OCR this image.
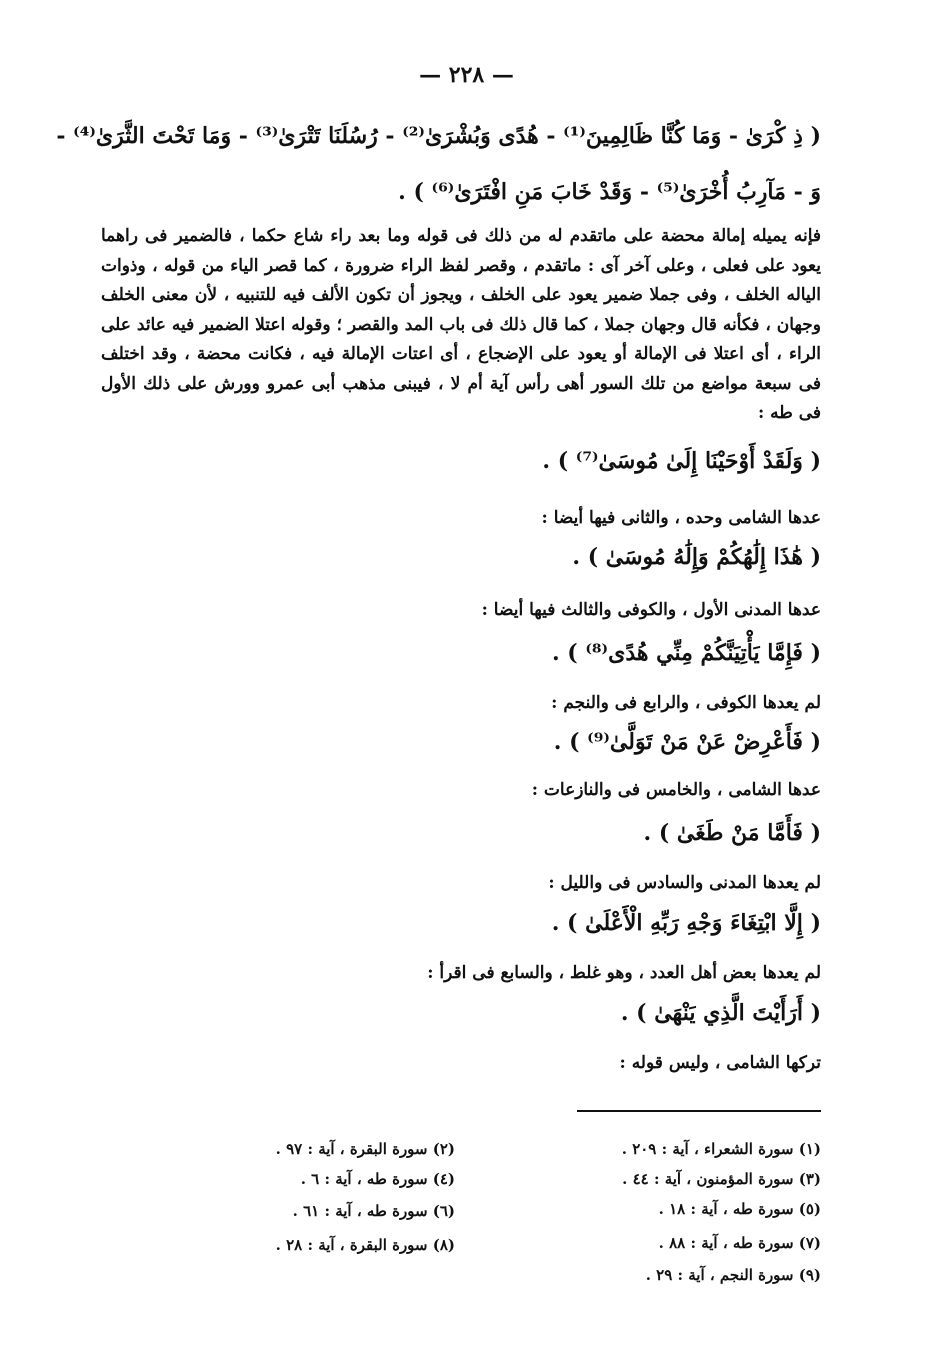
— ٢٢٨ —
( ذِ كْرَىٰ - وَمَا كُنَّا ظَالِمِينَ⁽¹⁾ - هُدًى وَبُشْرَىٰ⁽²⁾ - رُسُلَنَا تَتْرَىٰ⁽³⁾ - وَمَا تَحْتَ الثَّرَىٰ⁽⁴⁾ -
وَ - مَآرِبُ أُخْرَىٰ⁽⁵⁾ - وَقَدْ خَابَ مَنِ افْتَرَىٰ⁽⁶⁾ ) .

فإنه يميله إمالة محضة على ماتقدم له من ذلك فى قوله وما بعد راء شاع حكما ، فالضمير فى راهما يعود على فعلى ، وعلى آخر آى : ماتقدم ، وقصر لفظ الراء ضرورة ، كما قصر الياء من قوله ، وذوات الياله الخلف ، وفى جملا ضمير يعود على الخلف ، ويجوز أن تكون الألف فيه للتنبيه ، لأن معنى الخلف وجهان ، فكأنه قال وجهان جملا ، كما قال ذلك فى باب المد والقصر ؛ وقوله اعتلا الضمير فيه عائد على الراء ، أى اعتلا فى الإمالة أو يعود على الإضجاع ، أى اعتات الإمالة فيه ، فكانت محضة ، وقد اختلف فى سبعة مواضع من تلك السور أهى رأس آية أم لا ، فيبنى مذهب أبى عمرو وورش على ذلك الأول فى طه :

( وَلَقَدْ أَوْحَيْنَا إِلَىٰ مُوسَىٰ⁽⁷⁾ ) .
عدها الشامى وحده ، والثانى فيها أيضا :
( هَٰذَا إِلَٰهُكُمْ وَإِلَٰهُ مُوسَىٰ ) .
عدها المدنى الأول ، والكوفى والثالث فيها أيضا :
( فَإِمَّا يَأْتِيَنَّكُمْ مِنِّي هُدًى⁽⁸⁾ ) .
لم يعدها الكوفى ، والرابع فى والنجم :
( فَأَعْرِضْ عَنْ مَنْ تَوَلَّىٰ⁽⁹⁾ ) .
عدها الشامى ، والخامس فى والنازعات :
( فَأَمَّا مَنْ طَغَىٰ ) .
لم يعدها المدنى والسادس فى والليل :
( إِلَّا ابْتِغَاءَ وَجْهِ رَبِّهِ الْأَعْلَىٰ ) .
لم يعدها بعض أهل العدد ، وهو غلط ، والسابع فى اقرأ :
( أَرَأَيْتَ الَّذِي يَنْهَىٰ ) .
تركها الشامى ، وليس قوله :
(١) سورة الشعراء ، آية : ٢٠٩ .
(٣) سورة المؤمنون ، آية : ٤٤ .
(٥) سورة طه ، آية : ١٨ .
(٧) سورة طه ، آية : ٨٨ .
(٩) سورة النجم ، آية : ٢٩ .
(٢) سورة البقرة ، آية : ٩٧ .
(٤) سورة طه ، آية : ٦ .
(٦) سورة طه ، آية : ٦١ .
(٨) سورة البقرة ، آية : ٢٨ .
